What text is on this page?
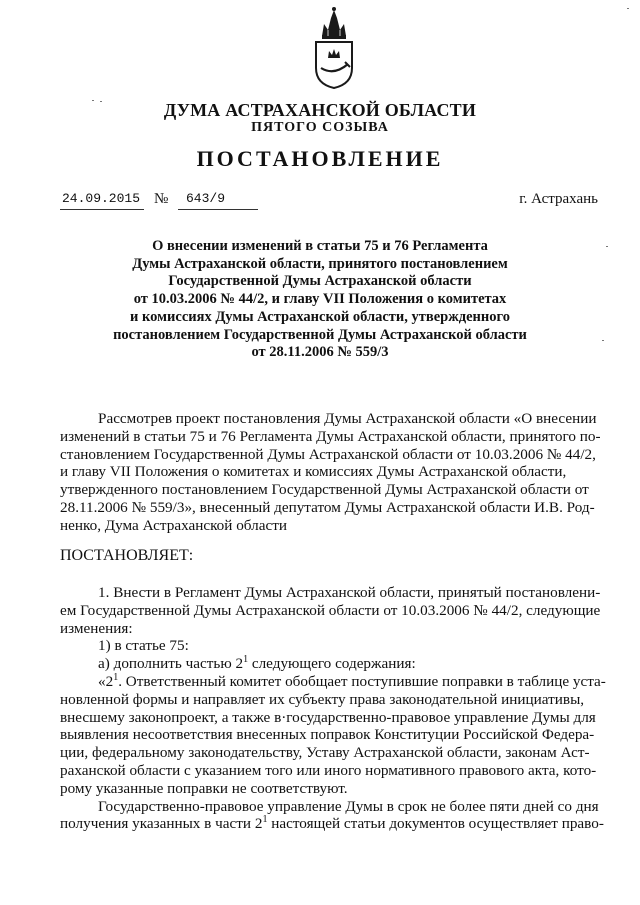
ДУМА АСТРАХАНСКОЙ ОБЛАСТИ
ПЯТОГО СОЗЫВА
ПОСТАНОВЛЕНИЕ
24.09.2015 № 643/9	г. Астрахань
О внесении изменений в статьи 75 и 76 Регламента
Думы Астраханской области, принятого постановлением
Государственной Думы Астраханской области
от 10.03.2006 № 44/2, и главу VII Положения о комитетах
и комиссиях Думы Астраханской области, утвержденного
постановлением Государственной Думы Астраханской области
от 28.11.2006 № 559/3
Рассмотрев проект постановления Думы Астраханской области «О внесении
изменений в статьи 75 и 76 Регламента Думы Астраханской области, принятого по-
становлением Государственной Думы Астраханской области от 10.03.2006 № 44/2,
и главу VII Положения о комитетах и комиссиях Думы Астраханской области,
утвержденного постановлением Государственной Думы Астраханской области от
28.11.2006 № 559/3», внесенный депутатом Думы Астраханской области И.В. Род-
ненко, Дума Астраханской области
ПОСТАНОВЛЯЕТ:
1. Внести в Регламент Думы Астраханской области, принятый постановлени-
ем Государственной Думы Астраханской области от 10.03.2006 № 44/2, следующие
изменения:
1) в статье 75:
а) дополнить частью $2^1$ следующего содержания:
«$2^1$. Ответственный комитет обобщает поступившие поправки в таблице уста-
новленной формы и направляет их субъекту права законодательной инициативы,
внесшему законопроект, а также в·государственно-правовое управление Думы для
выявления несоответствия внесенных поправок Конституции Российской Федера-
ции, федеральному законодательству, Уставу Астраханской области, законам Аст-
раханской области с указанием того или иного нормативного правового акта, кото-
рому указанные поправки не соответствуют.
Государственно-правовое управление Думы в срок не более пяти дней со дня
получения указанных в части $2^1$ настоящей статьи документов осуществляет право-
